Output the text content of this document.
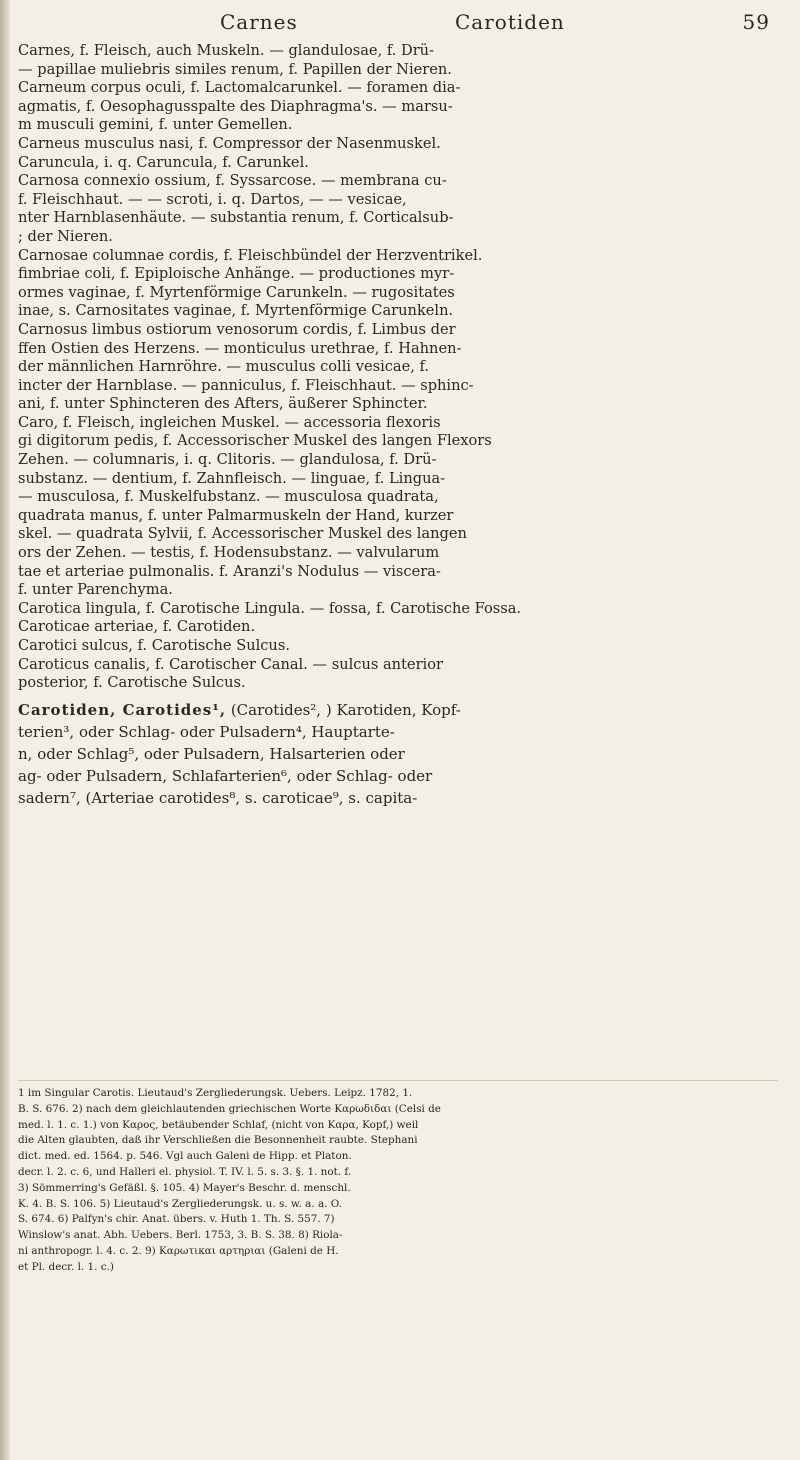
Carnes	Carotiden	59
Carnes, f. Fleisch, auch Muskeln. — glandulosae, f. Drü-
— papillae muliebris similes renum, f. Papillen der Nieren.
Carneum corpus oculi, f. Lactomalcarunkel. — foramen dia-
agmatis, f. Oesophagusspalte des Diaphragma's. — marsu-
m musculi gemini, f. unter Gemellen.
Carneus musculus nasi, f. Compressor der Nasenmuskel.
Caruncula, i. q. Caruncula, f. Carunkel.
Carnosa connexio ossium, f. Syssarcose. — membrana cu-
f. Fleischhaut. — — scroti, i. q. Dartos, — — vesicae,
nter Harnblasenhäute. — substantia renum, f. Corticalsub-
; der Nieren.
Carnosae columnae cordis, f. Fleischbündel der Herzventrikel.
fimbriae coli, f. Epiploische Anhänge. — productiones myr-
ormes vaginae, f. Myrtenförmige Carunkeln. — rugositates
inae, s. Carnositates vaginae, f. Myrtenförmige Carunkeln.
Carnosus limbus ostiorum venosorum cordis, f. Limbus der
ffen Ostien des Herzens. — monticulus urethrae, f. Hahnen-
der männlichen Harnröhre. — musculus colli vesicae, f.
incter der Harnblase. — panniculus, f. Fleischhaut. — sphinc-
ani, f. unter Sphincteren des Afters, äußerer Sphincter.
Caro, f. Fleisch, ingleichen Muskel. — accessoria flexoris
gi digitorum pedis, f. Accessorischer Muskel des langen Flexors
Zehen. — columnaris, i. q. Clitoris. — glandulosa, f. Drü-
substanz. — dentium, f. Zahnfleisch. — linguae, f. Lingua-
— musculosa, f. Muskelfubstanz. — musculosa quadrata,
quadrata manus, f. unter Palmarmuskeln der Hand, kurzer
skel. — quadrata Sylvii, f. Accessorischer Muskel des langen
ors der Zehen. — testis, f. Hodensubstanz. — valvularum
tae et arteriae pulmonalis. f. Aranzi's Nodulus — viscera-
f. unter Parenchyma.
Carotica lingula, f. Carotische Lingula. — fossa, f. Carotische Fossa.
Caroticae arteriae, f. Carotiden.
Carotici sulcus, f. Carotische Sulcus.
Caroticus canalis, f. Carotischer Canal. — sulcus anterior
posterior, f. Carotische Sulcus.
Carotiden, Carotides¹, (Carotides², ) Karotiden, Kopf-
terien³, oder Schlag- oder Pulsadern⁴, Hauptarte-
n, oder Schlag⁵, oder Pulsadern, Halsarterien oder
ag- oder Pulsadern, Schlafarterien⁶, oder Schlag- oder
sadern⁷, (Arteriae carotides⁸, s. caroticae⁹, s. capita-
1 im Singular Carotis. Lieutaud's Zergliederungsk. Uebers. Leipz. 1782, 1.
B. S. 676. 2) nach dem gleichlautenden griechischen Worte Καρωδιδαι (Celsi de
med. l. 1. c. 1.) von Καρος, betäubender Schlaf, (nicht von Καρα, Kopf,) weil
die Alten glaubten, daß ihr Verschließen die Besonnenheit raubte. Stephani
dict. med. ed. 1564. p. 546. Vgl auch Galeni de Hipp. et Platon.
decr. l. 2. c. 6, und Halleri el. physiol. T. IV. l. 5. s. 3. §. 1. not. f.
3) Sömmerring's Gefäßl. §. 105. 4) Mayer's Beschr. d. menschl.
K. 4. B. S. 106. 5) Lieutaud's Zergliederungsk. u. s. w. a. a. O.
S. 674. 6) Palfyn's chir. Anat. übers. v. Huth 1. Th. S. 557. 7)
Winslow's anat. Abh. Uebers. Berl. 1753, 3. B. S. 38. 8) Riola-
ni anthropogr. l. 4. c. 2. 9) Καρωτικαι αρτηριαι (Galeni de H.
et Pl. decr. l. 1. c.)
